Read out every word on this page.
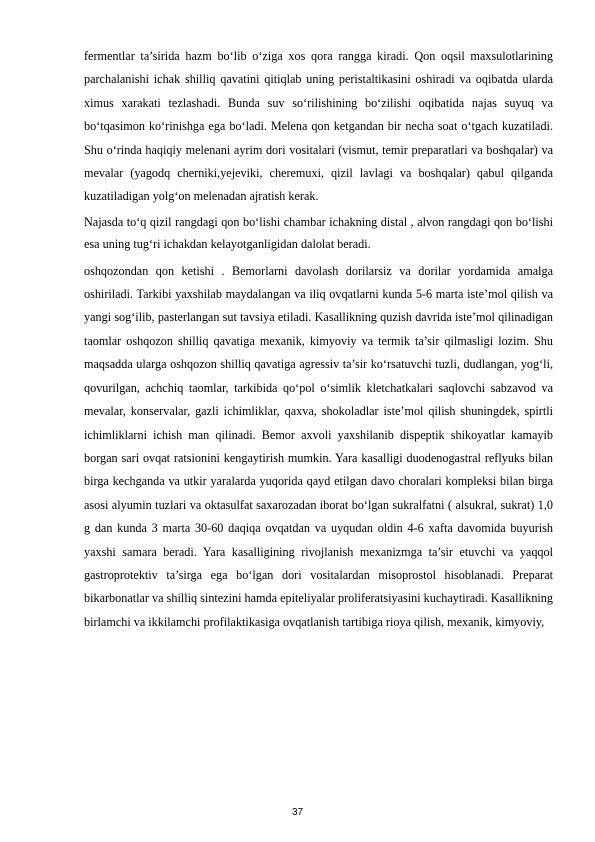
fermentlar ta’sirida hazm bo‘lib o‘ziga xos qora rangga kiradi. Qon oqsil maxsulotlarining parchalanishi ichak shilliq qavatini qitiqlab uning peristaltikasini oshiradi va oqibatda ularda ximus xarakati tezlashadi. Bunda suv so‘rilishining bo‘zilishi oqibatida najas suyuq va bo‘tqasimon ko‘rinishga ega bo‘ladi. Melena qon ketgandan bir necha soat o‘tgach kuzatiladi. Shu o‘rinda haqiqiy melenani ayrim dori vositalari (vismut, temir preparatlari va boshqalar) va mevalar (yagodq cherniki,yejeviki, cheremuxi, qizil lavlagi va boshqalar) qabul qilganda kuzatiladigan yolg‘on melenadan ajratish kerak.

Najasda to‘q qizil rangdagi qon bo‘lishi chambar ichakning distal , alvon rangdagi qon bo‘lishi esa uning tug‘ri ichakdan kelayotganligidan dalolat beradi.

oshqozondan qon ketishi . Bemorlarni davolash dorilarsiz va dorilar yordamida amalga oshiriladi. Tarkibi yaxshilab maydalangan va iliq ovqatlarni kunda 5-6 marta iste’mol qilish va yangi sog‘ilib, pasterlangan sut tavsiya etiladi. Kasallikning quzish davrida iste’mol qilinadigan taomlar oshqozon shilliq qavatiga mexanik, kimyoviy va termik ta’sir qilmasligi lozim. Shu maqsadda ularga oshqozon shilliq qavatiga agressiv ta’sir ko‘rsatuvchi tuzli, dudlangan, yog‘li, qovurilgan, achchiq taomlar, tarkibida qo‘pol o‘simlik kletchatkalari saqlovchi sabzavod va mevalar, konservalar, gazli ichimliklar, qaxva, shokoladlar iste’mol qilish shuningdek, spirtli ichimliklarni ichish man qilinadi. Bemor axvoli yaxshilanib dispeptik shikoyatlar kamayib borgan sari ovqat ratsionini kengaytirish mumkin. Yara kasalligi duodenogastral reflyuks bilan birga kechganda va utkir yaralarda yuqorida qayd etilgan davo choralari kompleksi bilan birga asosi alyumin tuzlari va oktasulfat saxarozadan iborat bo‘lgan sukralfatni ( alsukral, sukrat) 1,0 g dan kunda 3 marta 30-60 daqiqa ovqatdan va uyqudan oldin 4-6 xafta davomida buyurish yaxshi samara beradi. Yara kasalligining rivojlanish mexanizmga ta’sir etuvchi va yaqqol gastroprotektiv ta’sirga ega bo‘lgan dori vositalardan misoprostol hisoblanadi. Preparat bikarbonatlar va shilliq sintezini hamda epiteliyalar proliferatsiyasini kuchaytiradi. Kasallikning birlamchi va ikkilamchi profilaktikasiga ovqatlanish tartibiga rioya qilish, mexanik, kimyoviy,

37
